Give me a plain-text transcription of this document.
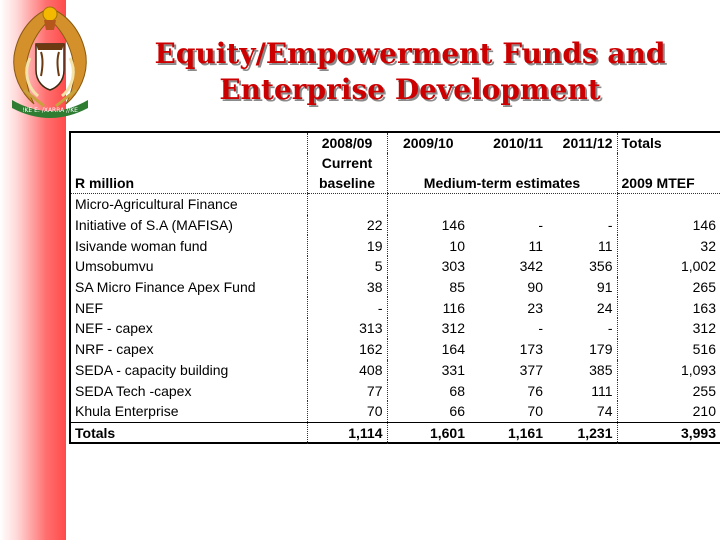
!KE E: /XARRA //KE
Equity/Empowerment Funds and
Enterprise Development
	2008/09	2009/10	2010/11	2011/12	Totals
	Current				
R million	baseline	Medium-term estimates			2009 MTEF
Micro-Agricultural Finance					
Initiative of S.A (MAFISA)	22	146	-	-	146
Isivande woman fund	19	10	11	11	32
Umsobumvu	5	303	342	356	1,002
SA Micro Finance Apex Fund	38	85	90	91	265
NEF	-	116	23	24	163
NEF - capex	313	312	-	-	312
NRF - capex	162	164	173	179	516
SEDA - capacity building	408	331	377	385	1,093
SEDA Tech -capex	77	68	76	111	255
Khula Enterprise	70	66	70	74	210
Totals	1,114	1,601	1,161	1,231	3,993
